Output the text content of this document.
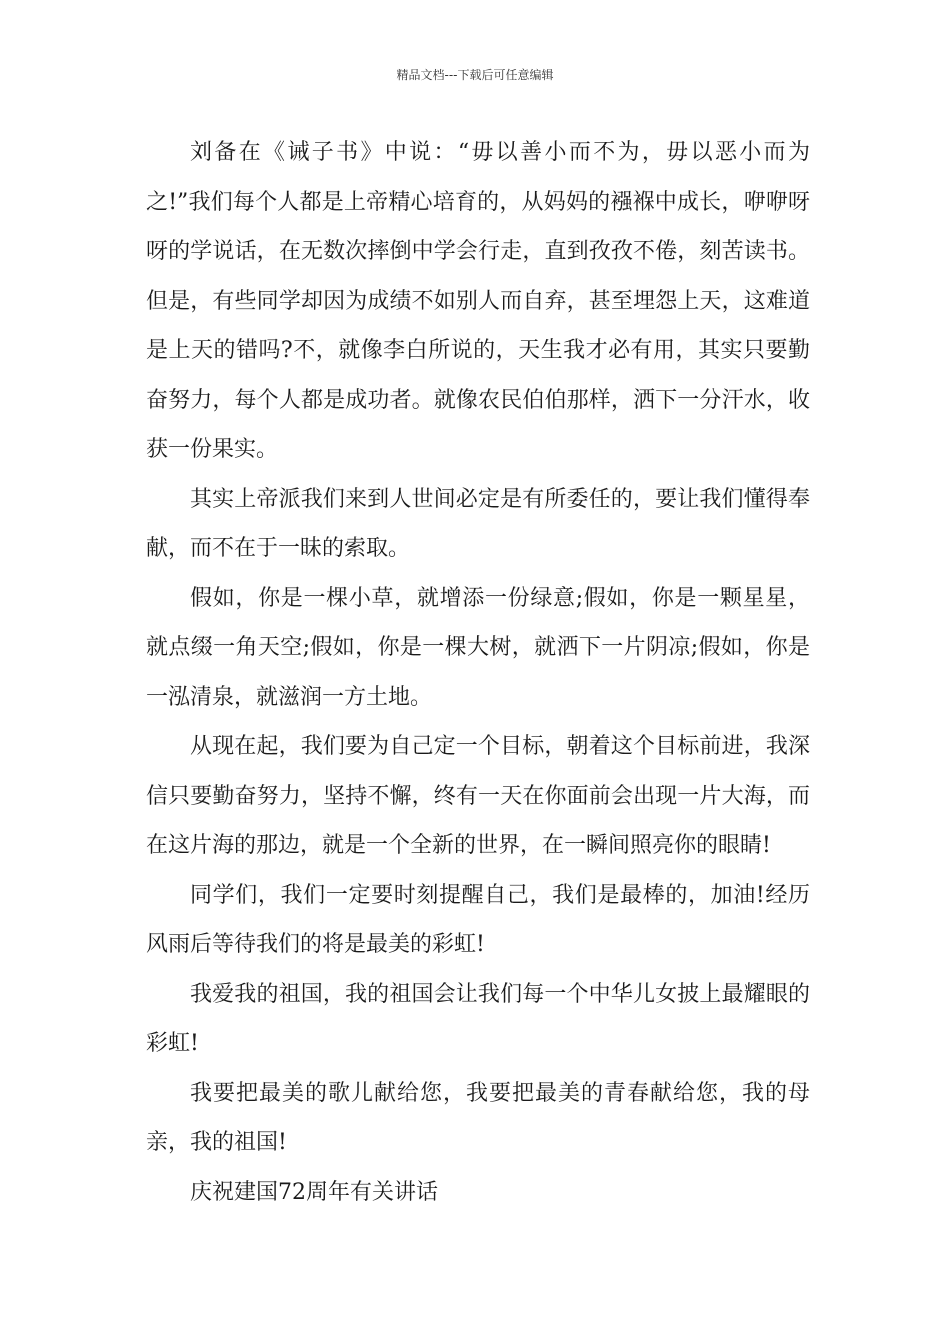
精品文档---下载后可任意编辑

刘备在《诫子书》中说：“毋以善小而不为，毋以恶小而为之!”我们每个人都是上帝精心培育的，从妈妈的襁褓中成长，咿咿呀呀的学说话，在无数次摔倒中学会行走，直到孜孜不倦，刻苦读书。但是，有些同学却因为成绩不如别人而自弃，甚至埋怨上天，这难道是上天的错吗?不，就像李白所说的，天生我才必有用，其实只要勤奋努力，每个人都是成功者。就像农民伯伯那样，洒下一分汗水，收获一份果实。

其实上帝派我们来到人世间必定是有所委任的，要让我们懂得奉献，而不在于一昧的索取。

假如，你是一棵小草，就增添一份绿意;假如，你是一颗星星，就点缀一角天空;假如，你是一棵大树，就洒下一片阴凉;假如，你是一泓清泉，就滋润一方土地。

从现在起，我们要为自己定一个目标，朝着这个目标前进，我深信只要勤奋努力，坚持不懈，终有一天在你面前会出现一片大海，而在这片海的那边，就是一个全新的世界，在一瞬间照亮你的眼睛!

同学们，我们一定要时刻提醒自己，我们是最棒的，加油!经历风雨后等待我们的将是最美的彩虹!

我爱我的祖国，我的祖国会让我们每一个中华儿女披上最耀眼的彩虹!

我要把最美的歌儿献给您，我要把最美的青春献给您，我的母亲，我的祖国!

庆祝建国72周年有关讲话
